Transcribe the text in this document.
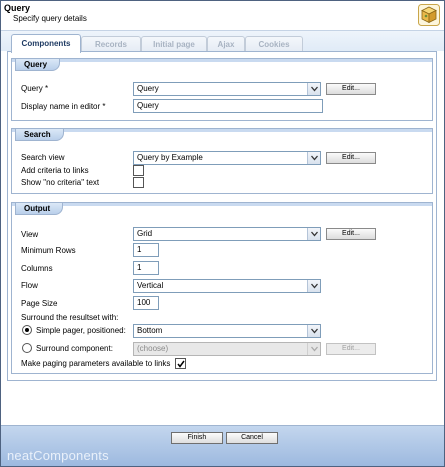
Query
Specify query details
Components	Records	Initial page	Ajax	Cookies
Query
Query *	Query	Edit...
Display name in editor *	Query
Search
Search view	Query by Example	Edit...
Add criteria to links
Show "no criteria" text
Output
View	Grid	Edit...
Minimum Rows	1
Columns	1
Flow	Vertical
Page Size	100
Surround the resultset with:
Simple pager, positioned:	Bottom
Surround component:	(choose)	Edit...
Make paging parameters available to links
Finish	Cancel
neatComponents
